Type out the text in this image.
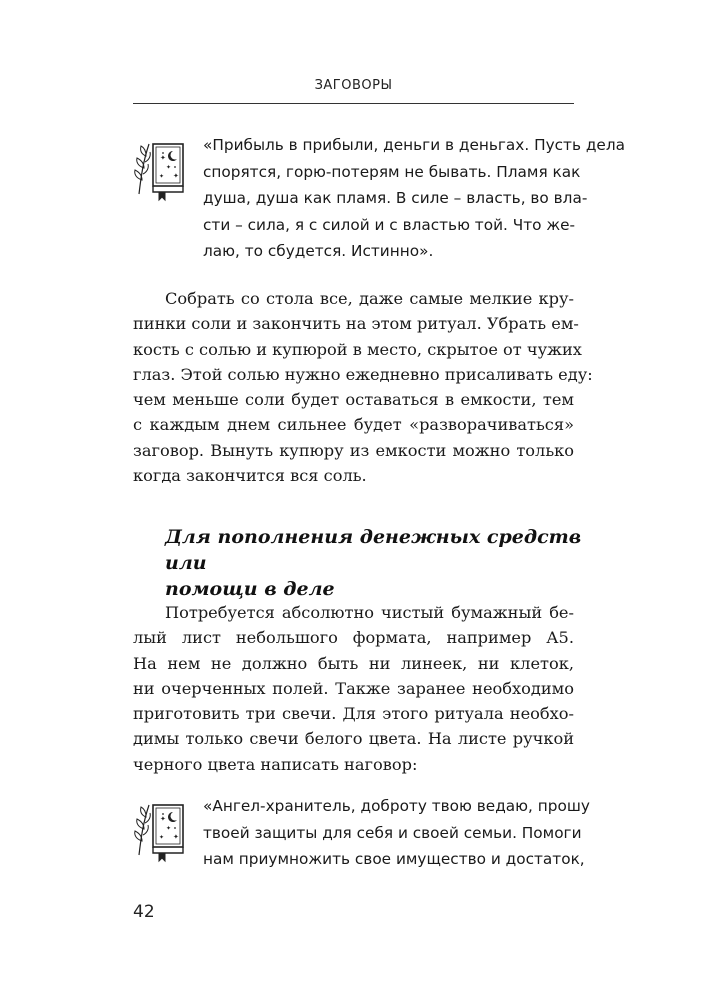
ЗАГОВОРЫ
✦
✦
✦ ✦
«Прибыль в прибыли, деньги в деньгах. Пусть дела
спорятся, горю-потерям не бывать. Пламя как
душа, душа как пламя. В силе – власть, во вла-
сти – сила, я с силой и с властью той. Что же-
лаю, то сбудется. Истинно».
Собрать со стола все, даже самые мелкие кру-
пинки соли и закончить на этом ритуал. Убрать ем-
кость с солью и купюрой в место, скрытое от чужих
глаз. Этой солью нужно ежедневно присаливать еду:
чем меньше соли будет оставаться в емкости, тем
с каждым днем сильнее будет «разворачиваться»
заговор. Вынуть купюру из емкости можно только
когда закончится вся соль.
Для пополнения денежных средств или
помощи в деле
Потребуется абсолютно чистый бумажный бе-
лый лист небольшого формата, например А5.
На нем не должно быть ни линеек, ни клеток,
ни очерченных полей. Также заранее необходимо
приготовить три свечи. Для этого ритуала необхо-
димы только свечи белого цвета. На листе ручкой
черного цвета написать наговор:
✦
✦
✦ ✦
«Ангел-хранитель, доброту твою ведаю, прошу
твоей защиты для себя и своей семьи. Помоги
нам приумножить свое имущество и достаток,
42
